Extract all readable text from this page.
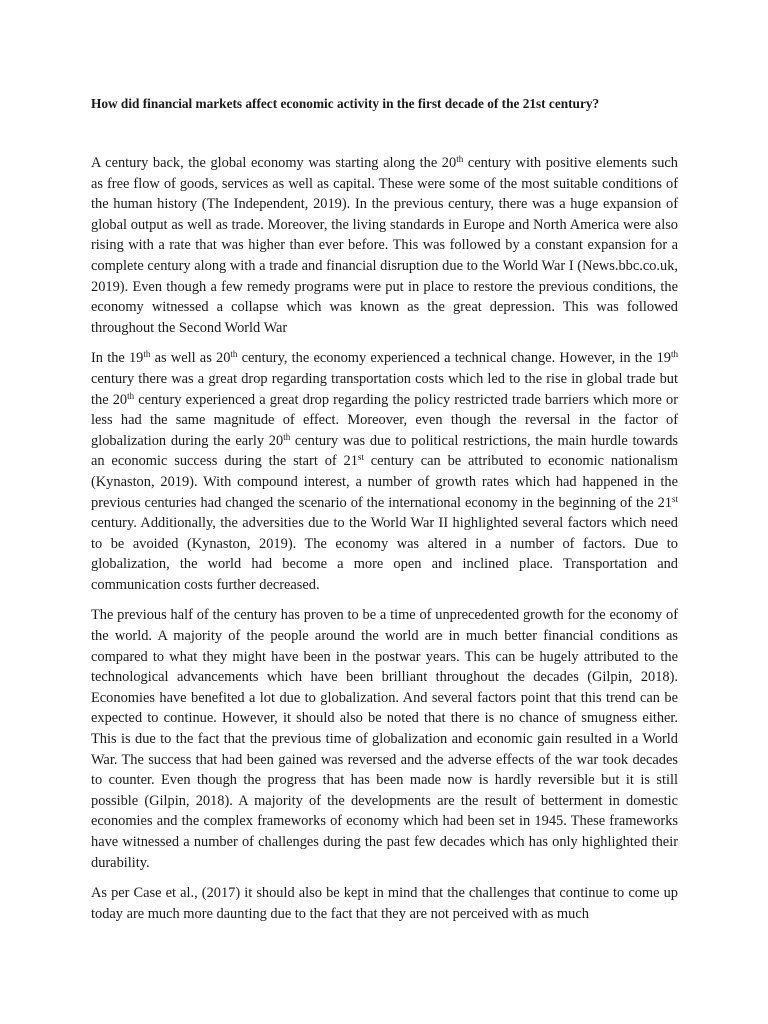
How did financial markets affect economic activity in the first decade of the 21st century?

A century back, the global economy was starting along the 20th century with positive elements such as free flow of goods, services as well as capital. These were some of the most suitable conditions of the human history (The Independent, 2019). In the previous century, there was a huge expansion of global output as well as trade. Moreover, the living standards in Europe and North America were also rising with a rate that was higher than ever before. This was followed by a constant expansion for a complete century along with a trade and financial disruption due to the World War I (News.bbc.co.uk, 2019). Even though a few remedy programs were put in place to restore the previous conditions, the economy witnessed a collapse which was known as the great depression. This was followed throughout the Second World War

In the 19th as well as 20th century, the economy experienced a technical change. However, in the 19th century there was a great drop regarding transportation costs which led to the rise in global trade but the 20th century experienced a great drop regarding the policy restricted trade barriers which more or less had the same magnitude of effect. Moreover, even though the reversal in the factor of globalization during the early 20th century was due to political restrictions, the main hurdle towards an economic success during the start of 21st century can be attributed to economic nationalism (Kynaston, 2019). With compound interest, a number of growth rates which had happened in the previous centuries had changed the scenario of the international economy in the beginning of the 21st century. Additionally, the adversities due to the World War II highlighted several factors which need to be avoided (Kynaston, 2019). The economy was altered in a number of factors. Due to globalization, the world had become a more open and inclined place. Transportation and communication costs further decreased.

The previous half of the century has proven to be a time of unprecedented growth for the economy of the world. A majority of the people around the world are in much better financial conditions as compared to what they might have been in the postwar years. This can be hugely attributed to the technological advancements which have been brilliant throughout the decades (Gilpin, 2018). Economies have benefited a lot due to globalization. And several factors point that this trend can be expected to continue. However, it should also be noted that there is no chance of smugness either. This is due to the fact that the previous time of globalization and economic gain resulted in a World War. The success that had been gained was reversed and the adverse effects of the war took decades to counter. Even though the progress that has been made now is hardly reversible but it is still possible (Gilpin, 2018). A majority of the developments are the result of betterment in domestic economies and the complex frameworks of economy which had been set in 1945. These frameworks have witnessed a number of challenges during the past few decades which has only highlighted their durability.

As per Case et al., (2017) it should also be kept in mind that the challenges that continue to come up today are much more daunting due to the fact that they are not perceived with as much
